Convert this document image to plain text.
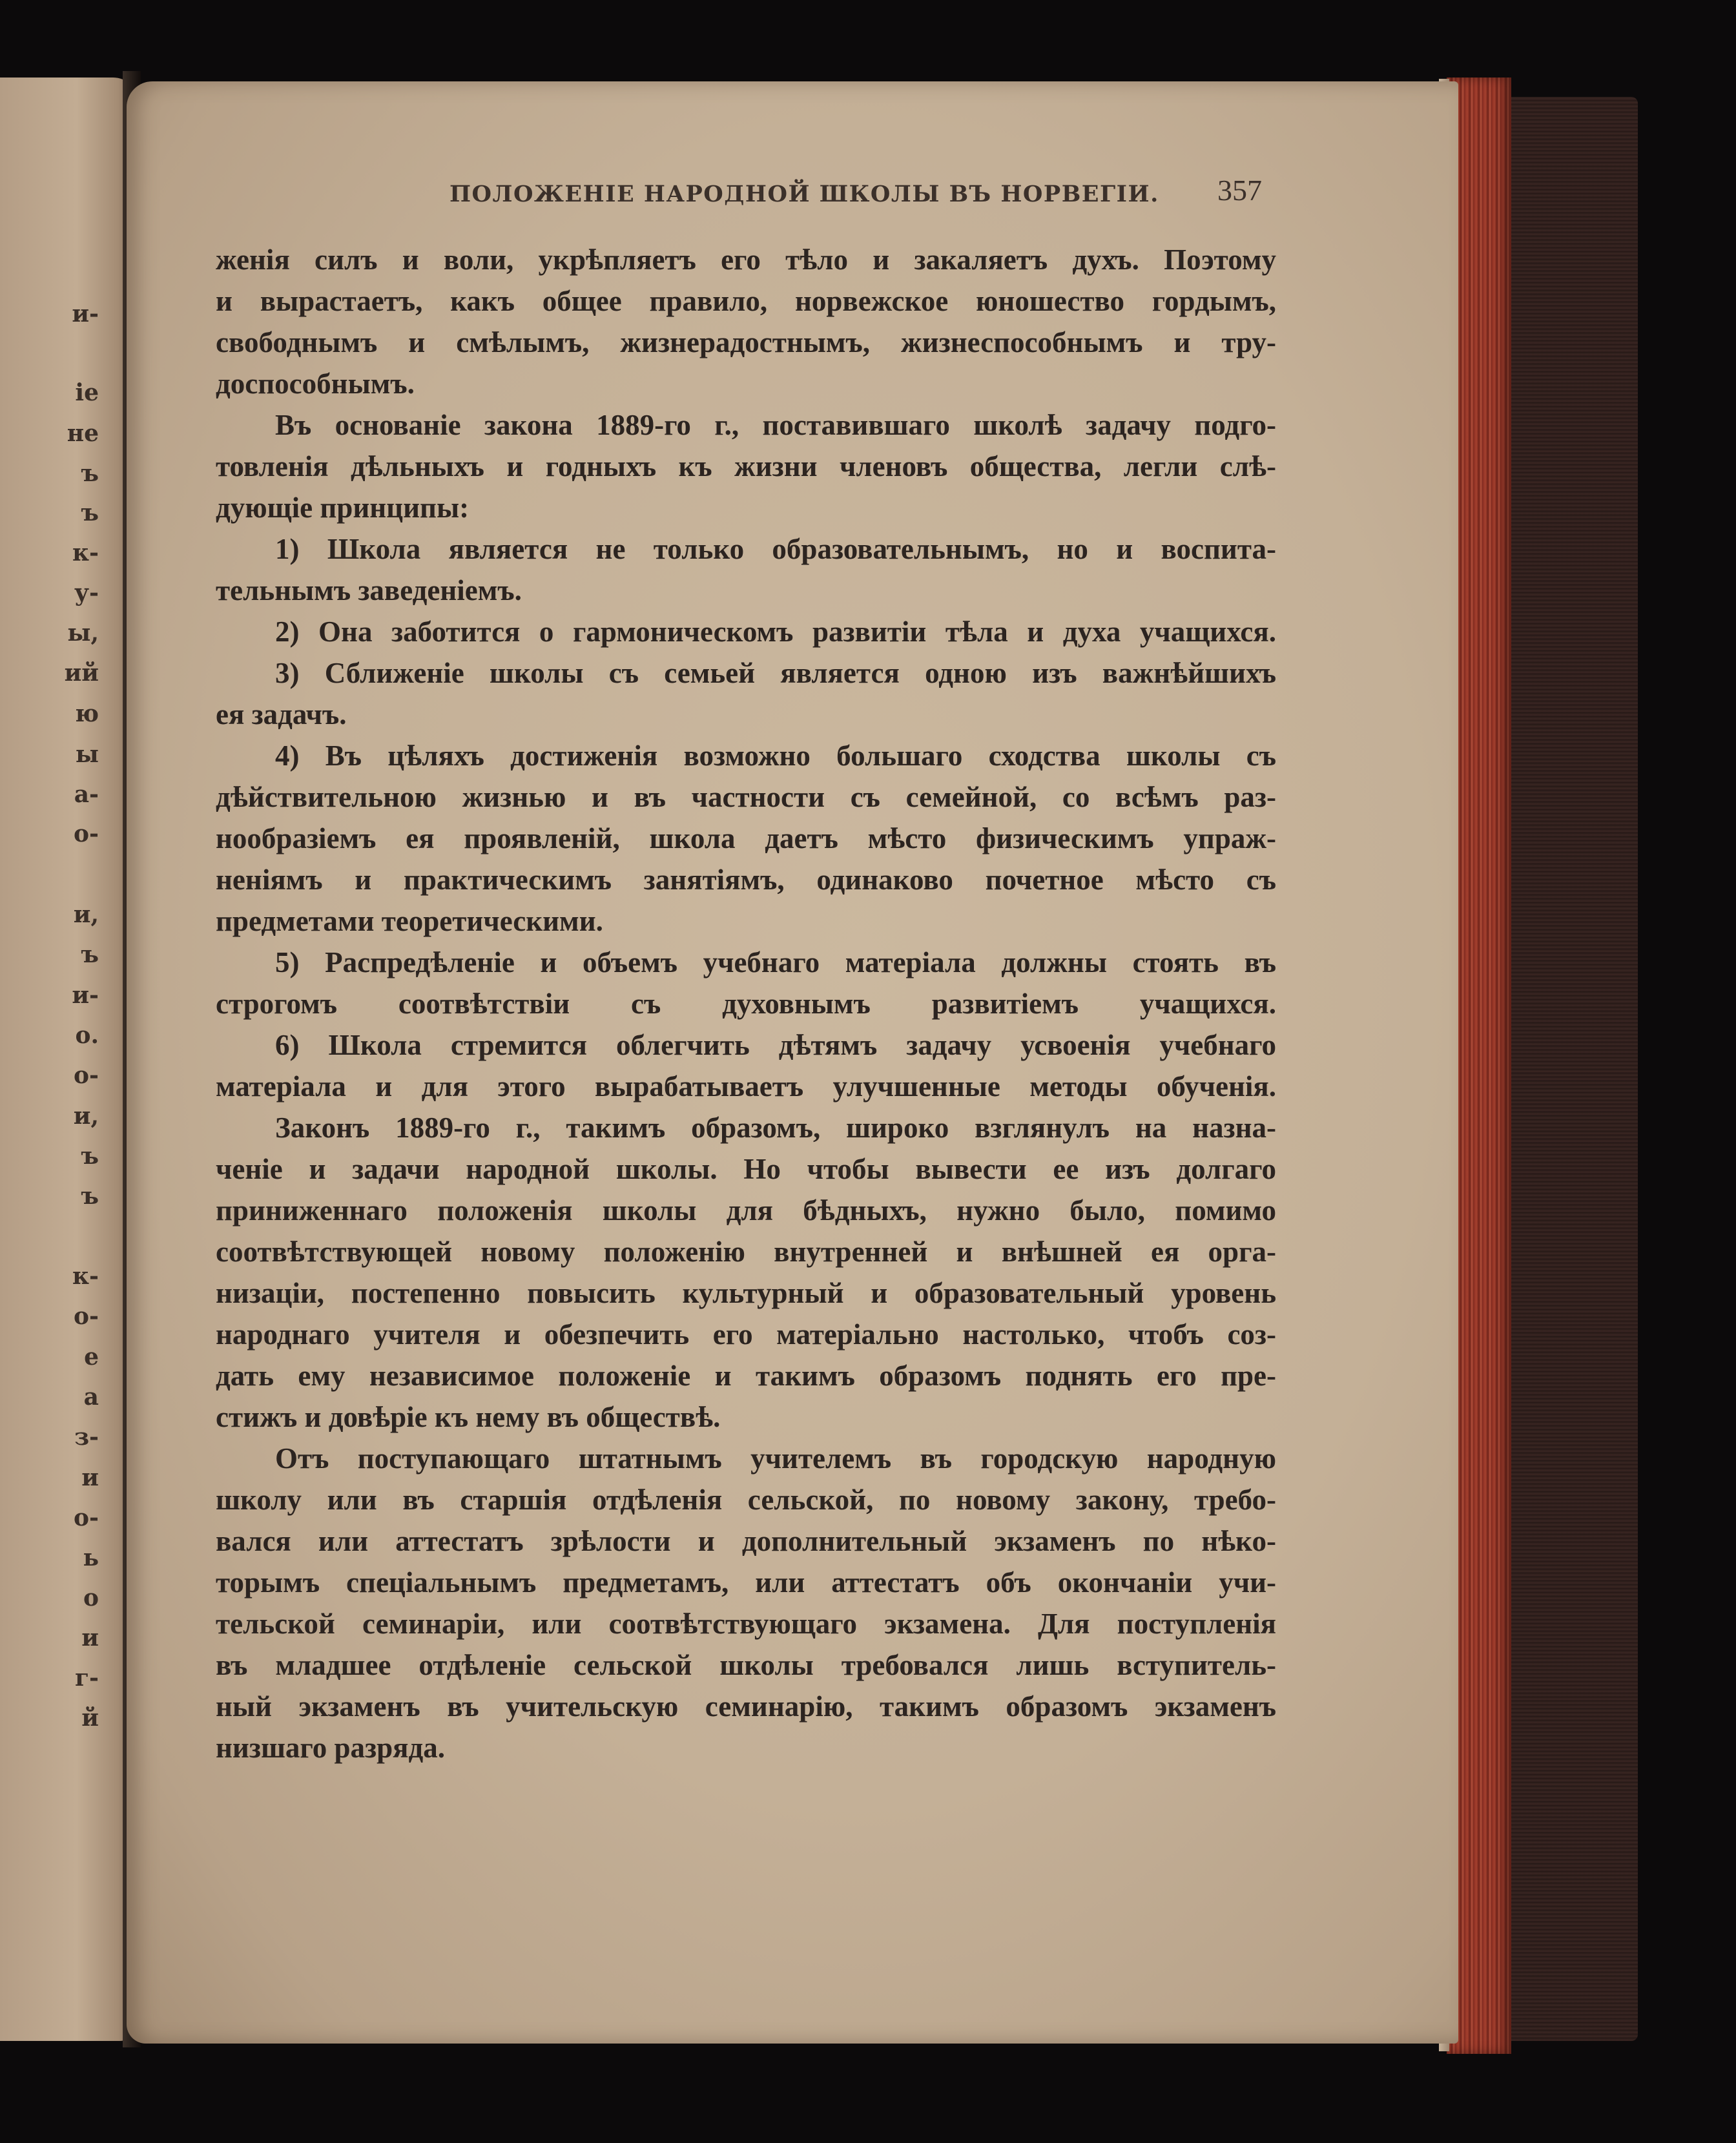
и-
іе
не
ъ
ъ
к-
у-
ы,
ий
ю
ы
а-
о-
и,
ъ
и-
о.
о-
и,
ъ
ъ
к-
о-
е
а
з-
и
о-
ь
о
и
г-
й
ПОЛОЖЕНІЕ НАРОДНОЙ ШКОЛЫ ВЪ НОРВЕГІИ. 357
женія силъ и воли, укрѣпляетъ его тѣло и закаляетъ духъ. Поэтому
и вырастаетъ, какъ общее правило, норвежское юношество гордымъ,
свободнымъ и смѣлымъ, жизнерадостнымъ, жизнеспособнымъ и тру-
доспособнымъ.
Въ основаніе закона 1889-го г., поставившаго школѣ задачу подго-
товленія дѣльныхъ и годныхъ къ жизни членовъ общества, легли слѣ-
дующіе принципы:
1) Школа является не только образовательнымъ, но и воспита-
тельнымъ заведеніемъ.
2) Она заботится о гармоническомъ развитіи тѣла и духа учащихся.
3) Сближеніе школы съ семьей является одною изъ важнѣйшихъ
ея задачъ.
4) Въ цѣляхъ достиженія возможно большаго сходства школы съ
дѣйствительною жизнью и въ частности съ семейной, со всѣмъ раз-
нообразіемъ ея проявленій, школа даетъ мѣсто физическимъ упраж-
неніямъ и практическимъ занятіямъ, одинаково почетное мѣсто съ
предметами теоретическими.
5) Распредѣленіе и объемъ учебнаго матеріала должны стоять въ
строгомъ соотвѣтствіи съ духовнымъ развитіемъ учащихся.
6) Школа стремится облегчить дѣтямъ задачу усвоенія учебнаго
матеріала и для этого вырабатываетъ улучшенные методы обученія.
Законъ 1889-го г., такимъ образомъ, широко взглянулъ на назна-
ченіе и задачи народной школы. Но чтобы вывести ее изъ долгаго
приниженнаго положенія школы для бѣдныхъ, нужно было, помимо
соотвѣтствующей новому положенію внутренней и внѣшней ея орга-
низаціи, постепенно повысить культурный и образовательный уровень
народнаго учителя и обезпечить его матеріально настолько, чтобъ соз-
дать ему независимое положеніе и такимъ образомъ поднять его пре-
стижъ и довѣріе къ нему въ обществѣ.
Отъ поступающаго штатнымъ учителемъ въ городскую народную
школу или въ старшія отдѣленія сельской, по новому закону, требо-
вался или аттестатъ зрѣлости и дополнительный экзаменъ по нѣко-
торымъ спеціальнымъ предметамъ, или аттестатъ объ окончаніи учи-
тельской семинаріи, или соотвѣтствующаго экзамена. Для поступленія
въ младшее отдѣленіе сельской школы требовался лишь вступитель-
ный экзаменъ въ учительскую семинарію, такимъ образомъ экзаменъ
низшаго разряда.
